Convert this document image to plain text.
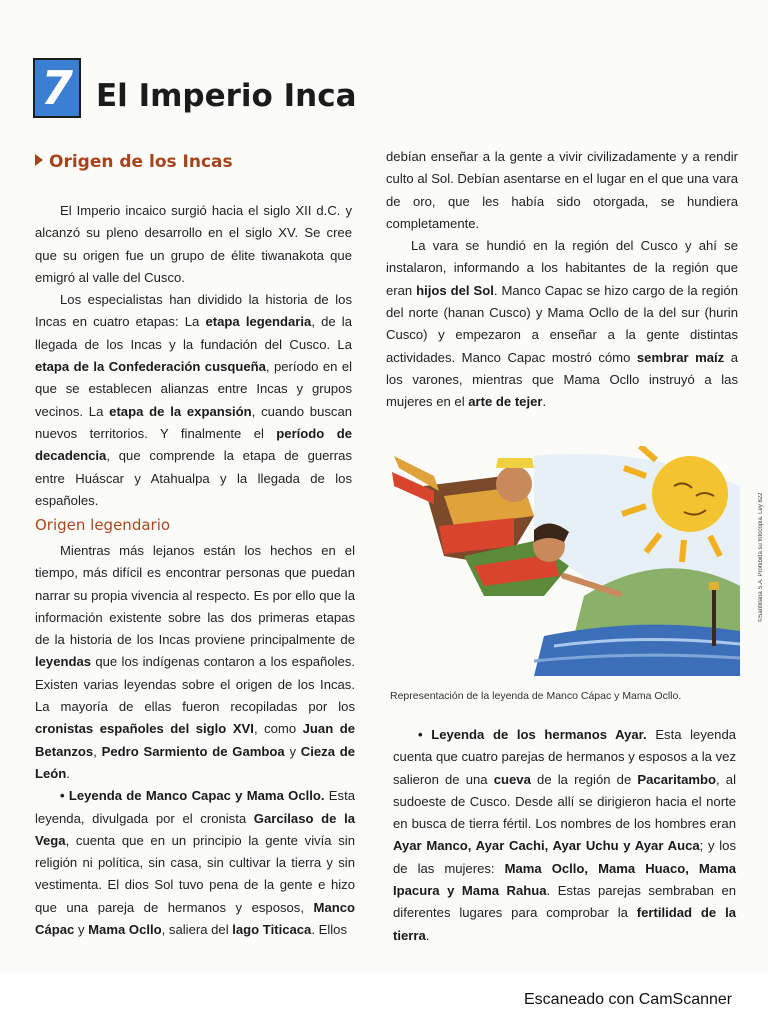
7 El Imperio Inca
Origen de los Incas

El Imperio incaico surgió hacia el siglo XII d.C. y alcanzó su pleno desarrollo en el siglo XV. Se cree que su origen fue un grupo de élite tiwanakota que emigró al valle del Cusco.

Los especialistas han dividido la historia de los Incas en cuatro etapas: La etapa legendaria, de la llegada de los Incas y la fundación del Cusco. La etapa de la Confederación cusqueña, período en el que se establecen alianzas entre Incas y grupos vecinos. La etapa de la expansión, cuando buscan nuevos territorios. Y finalmente el período de decadencia, que comprende la etapa de guerras entre Huáscar y Atahualpa y la llegada de los españoles.

Origen legendario

Mientras más lejanos están los hechos en el tiempo, más difícil es encontrar personas que puedan narrar su propia vivencia al respecto. Es por ello que la información existente sobre las dos primeras etapas de la historia de los Incas proviene principalmente de leyendas que los indígenas contaron a los españoles. Existen varias leyendas sobre el origen de los Incas. La mayoría de ellas fueron recopiladas por los cronistas españoles del siglo XVI, como Juan de Betanzos, Pedro Sarmiento de Gamboa y Cieza de León.

• Leyenda de Manco Capac y Mama Ocllo. Esta leyenda, divulgada por el cronista Garcilaso de la Vega, cuenta que en un principio la gente vivía sin religión ni política, sin casa, sin cultivar la tierra y sin vestimenta. El dios Sol tuvo pena de la gente e hizo que una pareja de hermanos y esposos, Manco Cápac y Mama Ocllo, saliera del lago Titicaca. Ellos

debían enseñar a la gente a vivir civilizadamente y a rendir culto al Sol. Debían asentarse en el lugar en el que una vara de oro, que les había sido otorgada, se hundiera completamente.

La vara se hundió en la región del Cusco y ahí se instalaron, informando a los habitantes de la región que eran hijos del Sol. Manco Capac se hizo cargo de la región del norte (hanan Cusco) y Mama Ocllo de la del sur (hurin Cusco) y empezaron a enseñar a la gente distintas actividades. Manco Capac mostró cómo sembrar maíz a los varones, mientras que Mama Ocllo instruyó a las mujeres en el arte de tejer.

Representación de la leyenda de Manco Cápac y Mama Ocllo.

• Leyenda de los hermanos Ayar. Esta leyenda cuenta que cuatro parejas de hermanos y esposos a la vez salieron de una cueva de la región de Pacaritambo, al sudoeste de Cusco. Desde allí se dirigieron hacia el norte en busca de tierra fértil. Los nombres de los hombres eran Ayar Manco, Ayar Cachi, Ayar Uchu y Ayar Auca; y los de las mujeres: Mama Ocllo, Mama Huaco, Mama Ipacura y Mama Rahua. Estas parejas sembraban en diferentes lugares para comprobar la fertilidad de la tierra.

©Santillana S.A. Prohibida su fotocopia. Ley 822
Escaneado con CamScanner
